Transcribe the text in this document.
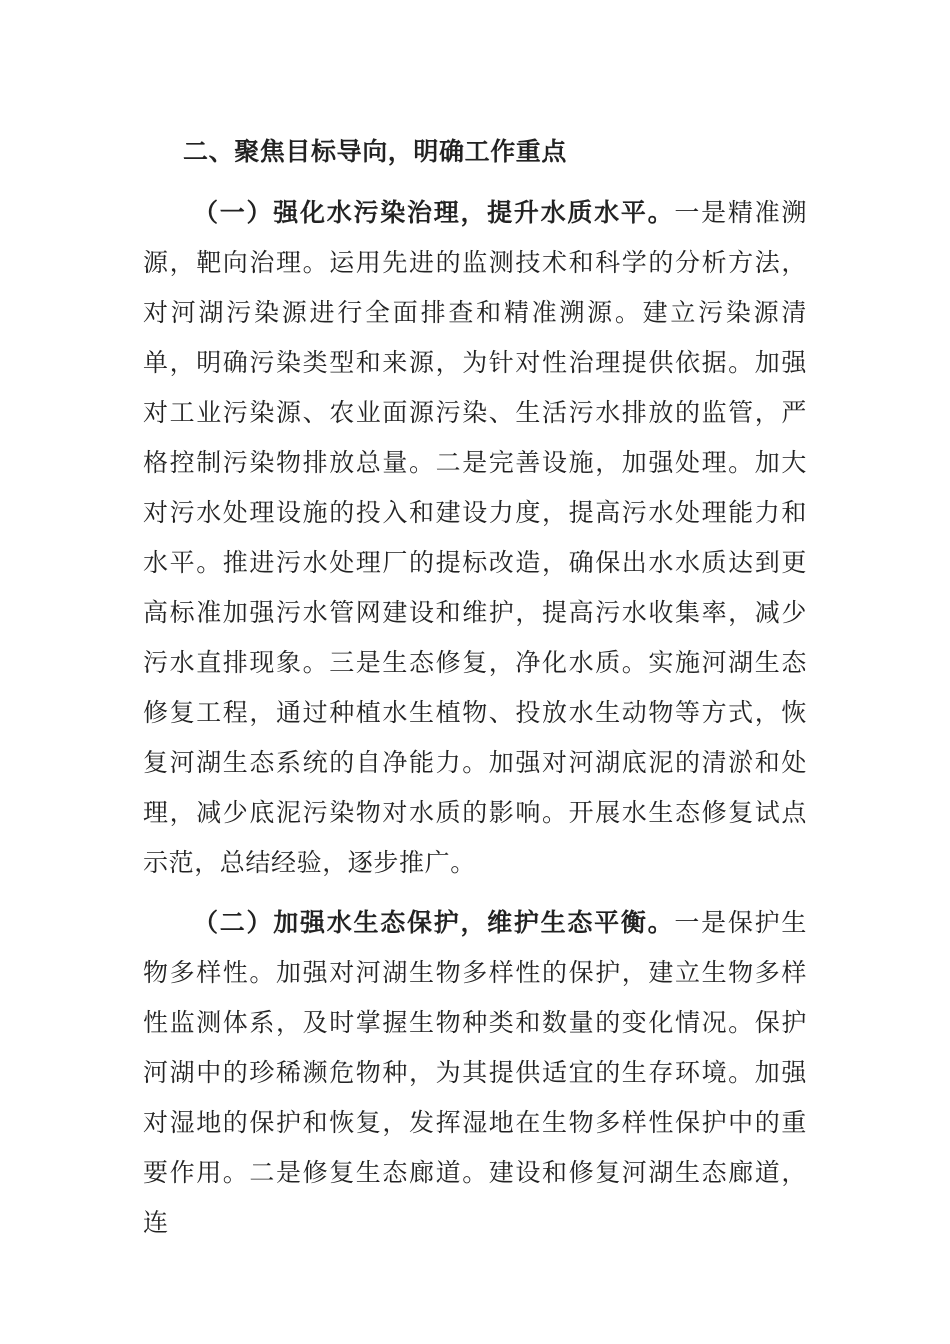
二、聚焦目标导向，明确工作重点

（一）强化水污染治理，提升水质水平。一是精准溯源，靶向治理。运用先进的监测技术和科学的分析方法，对河湖污染源进行全面排查和精准溯源。建立污染源清单，明确污染类型和来源，为针对性治理提供依据。加强对工业污染源、农业面源污染、生活污水排放的监管，严格控制污染物排放总量。二是完善设施，加强处理。加大对污水处理设施的投入和建设力度，提高污水处理能力和水平。推进污水处理厂的提标改造，确保出水水质达到更高标准加强污水管网建设和维护，提高污水收集率，减少污水直排现象。三是生态修复，净化水质。实施河湖生态修复工程，通过种植水生植物、投放水生动物等方式，恢复河湖生态系统的自净能力。加强对河湖底泥的清淤和处理，减少底泥污染物对水质的影响。开展水生态修复试点示范，总结经验，逐步推广。

（二）加强水生态保护，维护生态平衡。一是保护生物多样性。加强对河湖生物多样性的保护，建立生物多样性监测体系，及时掌握生物种类和数量的变化情况。保护河湖中的珍稀濒危物种，为其提供适宜的生存环境。加强对湿地的保护和恢复，发挥湿地在生物多样性保护中的重要作用。二是修复生态廊道。建设和修复河湖生态廊道，连
